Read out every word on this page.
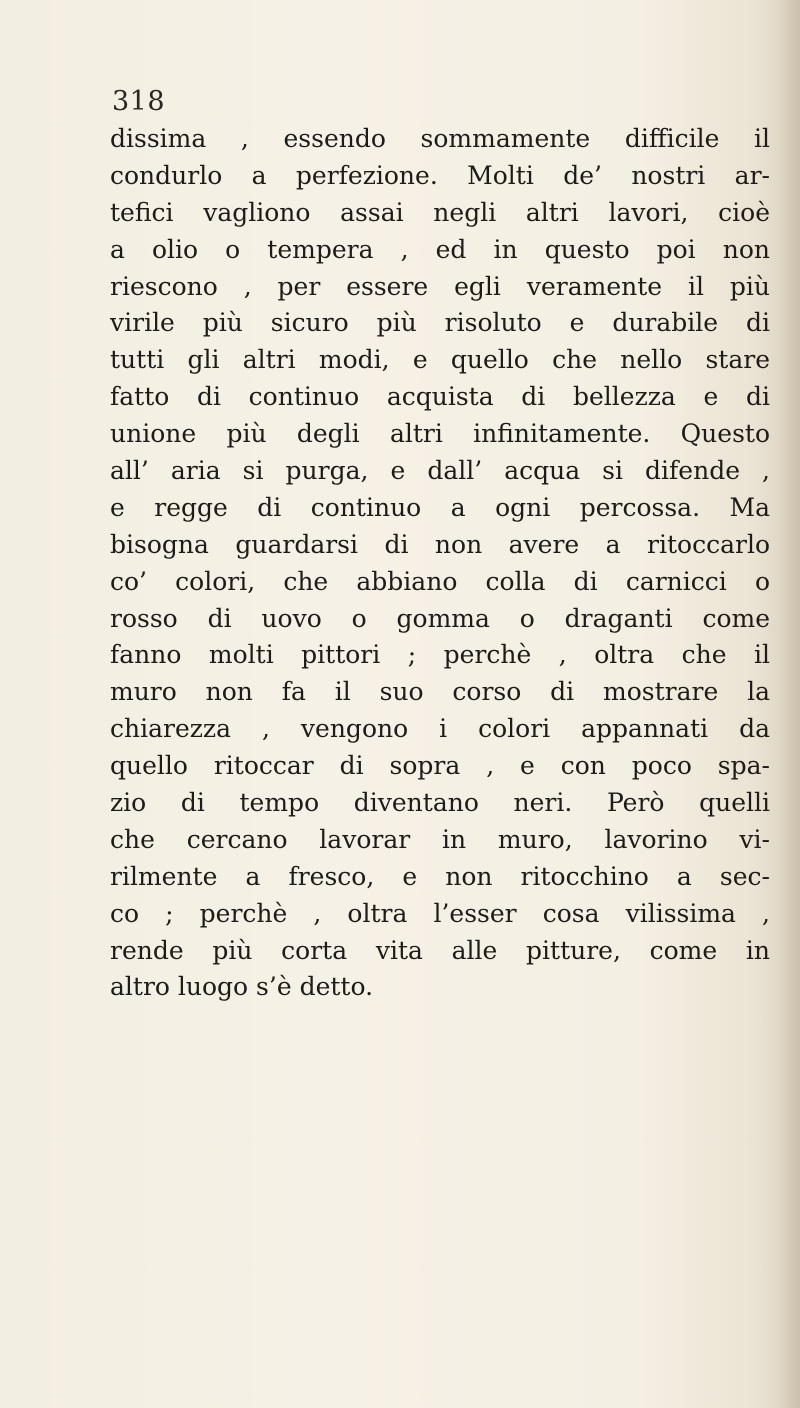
318
dissima , essendo sommamente difficile il
condurlo a perfezione. Molti de’ nostri ar-
tefici vagliono assai negli altri lavori, cioè
a olio o tempera , ed in questo poi non
riescono , per essere egli veramente il più
virile più sicuro più risoluto e durabile di
tutti gli altri modi, e quello che nello stare
fatto di continuo acquista di bellezza e di
unione più degli altri infinitamente. Questo
all’ aria si purga, e dall’ acqua si difende ,
e regge di continuo a ogni percossa. Ma
bisogna guardarsi di non avere a ritoccarlo
co’ colori, che abbiano colla di carnicci o
rosso di uovo o gomma o draganti come
fanno molti pittori ; perchè , oltra che il
muro non fa il suo corso di mostrare la
chiarezza , vengono i colori appannati da
quello ritoccar di sopra , e con poco spa-
zio di tempo diventano neri. Però quelli
che cercano lavorar in muro, lavorino vi-
rilmente a fresco, e non ritocchino a sec-
co ; perchè , oltra l’esser cosa vilissima ,
rende più corta vita alle pitture, come in
altro luogo s’è detto.
